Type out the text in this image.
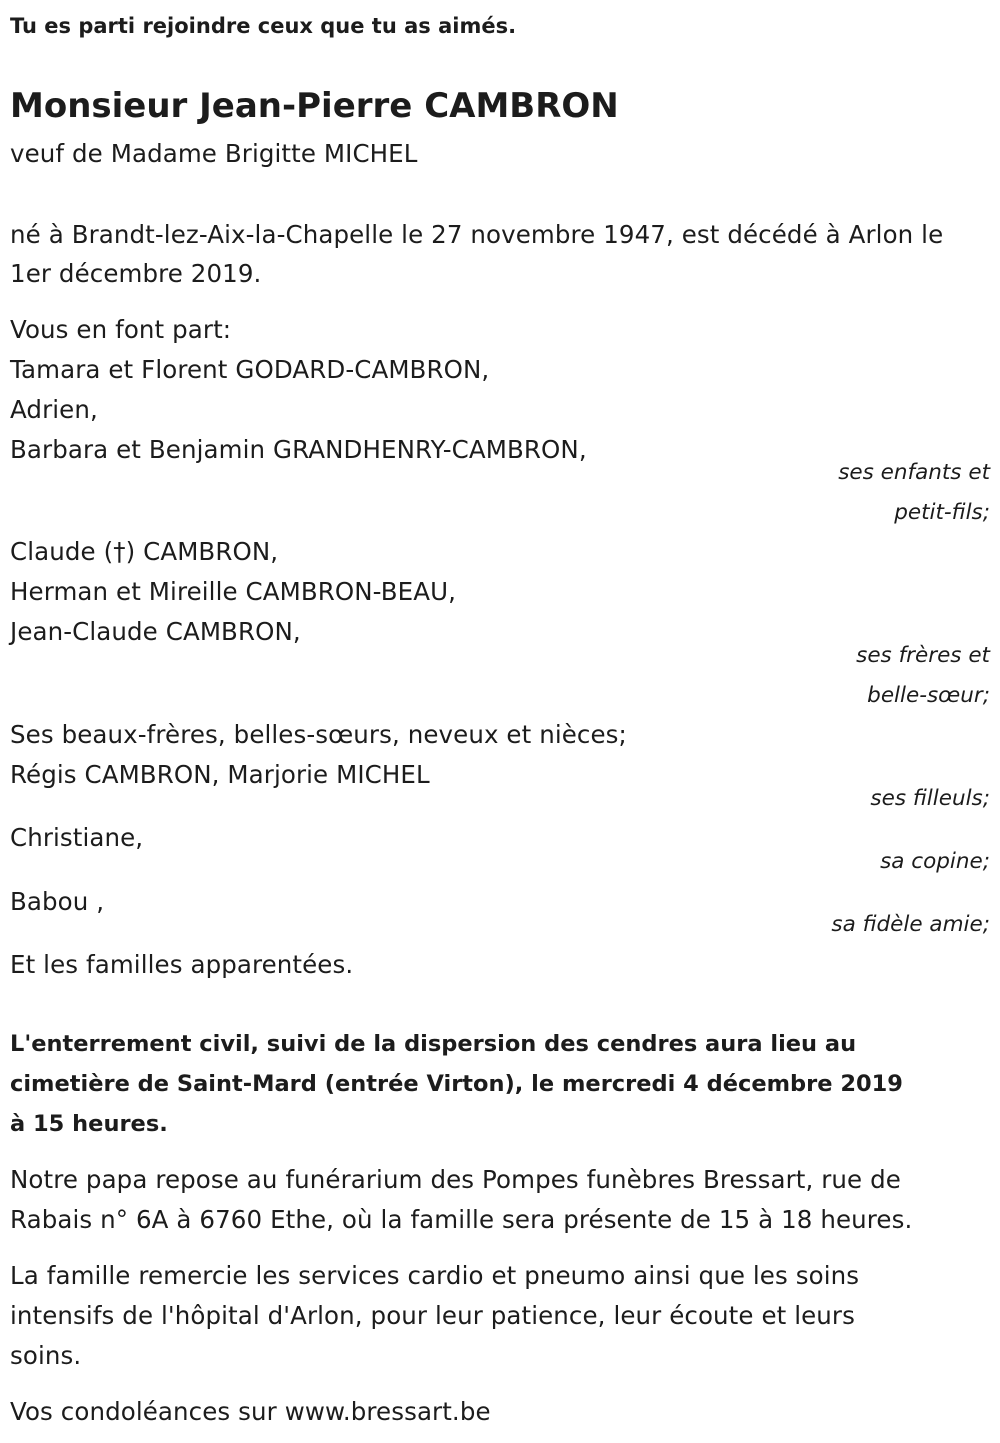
Tu es parti rejoindre ceux que tu as aimés.
Monsieur Jean-Pierre CAMBRON
veuf de Madame Brigitte MICHEL
né à Brandt-lez-Aix-la-Chapelle le 27 novembre 1947, est décédé à Arlon le
1er décembre 2019.
Vous en font part:
Tamara et Florent GODARD-CAMBRON,
Adrien,
Barbara et Benjamin GRANDHENRY-CAMBRON,
ses enfants et
petit-fils;
Claude (†) CAMBRON,
Herman et Mireille CAMBRON-BEAU,
Jean-Claude CAMBRON,
ses frères et
belle-sœur;
Ses beaux-frères, belles-sœurs, neveux et nièces;
Régis CAMBRON, Marjorie MICHEL
ses filleuls;
Christiane,
sa copine;
Babou ,
sa fidèle amie;
Et les familles apparentées.
L'enterrement civil, suivi de la dispersion des cendres aura lieu au
cimetière de Saint-Mard (entrée Virton), le mercredi 4 décembre 2019
à 15 heures.
Notre papa repose au funérarium des Pompes funèbres Bressart, rue de
Rabais n° 6A à 6760 Ethe, où la famille sera présente de 15 à 18 heures.
La famille remercie les services cardio et pneumo ainsi que les soins
intensifs de l'hôpital d'Arlon, pour leur patience, leur écoute et leurs
soins.
Vos condoléances sur www.bressart.be
